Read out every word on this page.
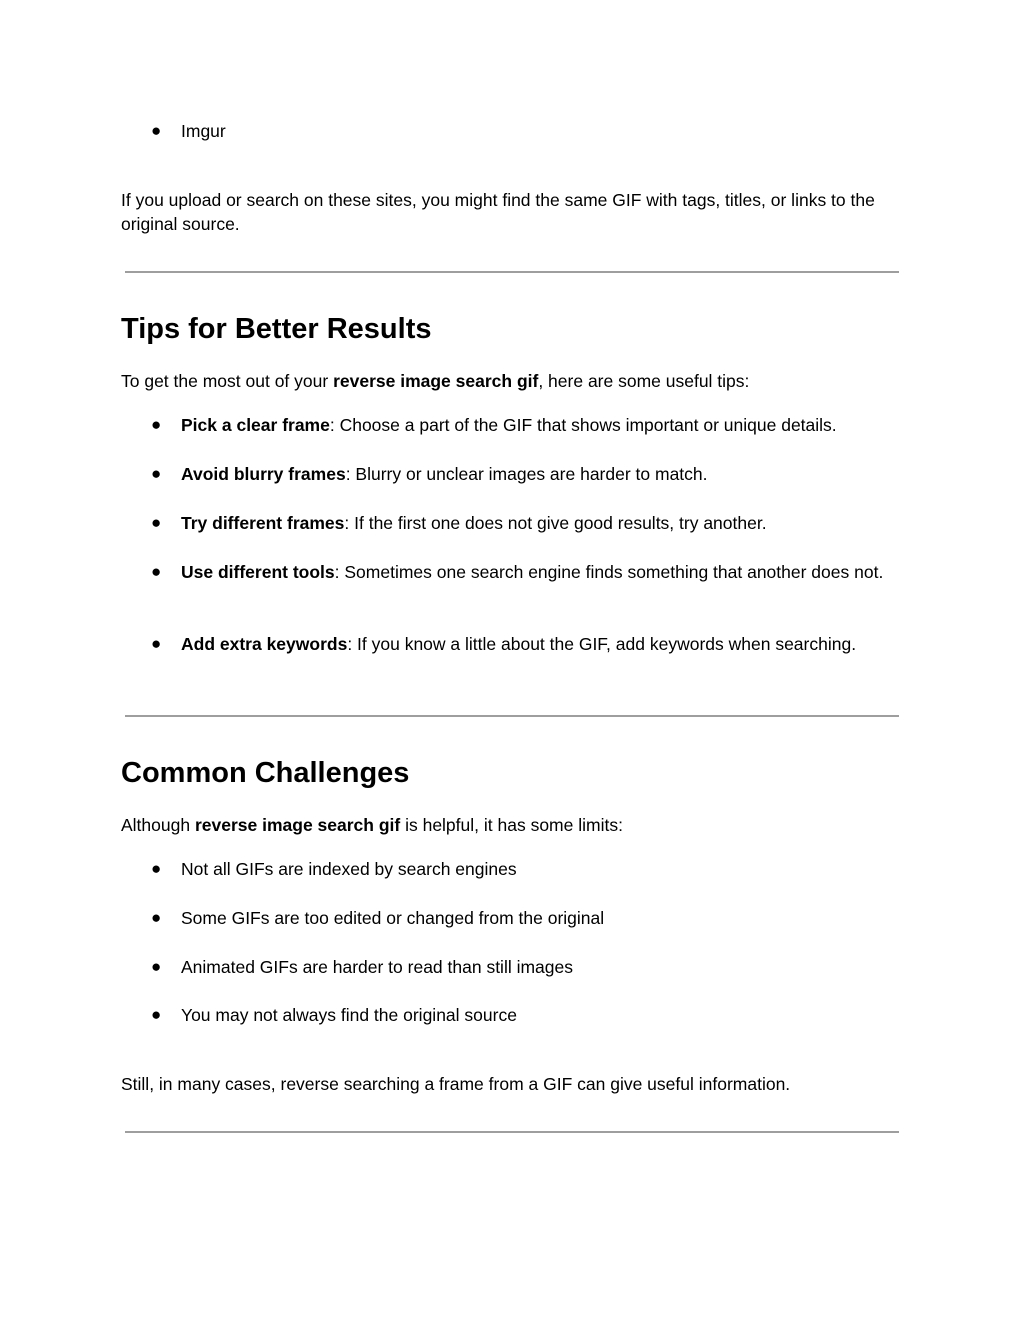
● Imgur
If you upload or search on these sites, you might find the same GIF with tags, titles, or links to the original source.
Tips for Better Results
To get the most out of your reverse image search gif, here are some useful tips:
● Pick a clear frame: Choose a part of the GIF that shows important or unique details.
● Avoid blurry frames: Blurry or unclear images are harder to match.
● Try different frames: If the first one does not give good results, try another.
● Use different tools: Sometimes one search engine finds something that another does not.
● Add extra keywords: If you know a little about the GIF, add keywords when searching.
Common Challenges
Although reverse image search gif is helpful, it has some limits:
● Not all GIFs are indexed by search engines
● Some GIFs are too edited or changed from the original
● Animated GIFs are harder to read than still images
● You may not always find the original source
Still, in many cases, reverse searching a frame from a GIF can give useful information.
